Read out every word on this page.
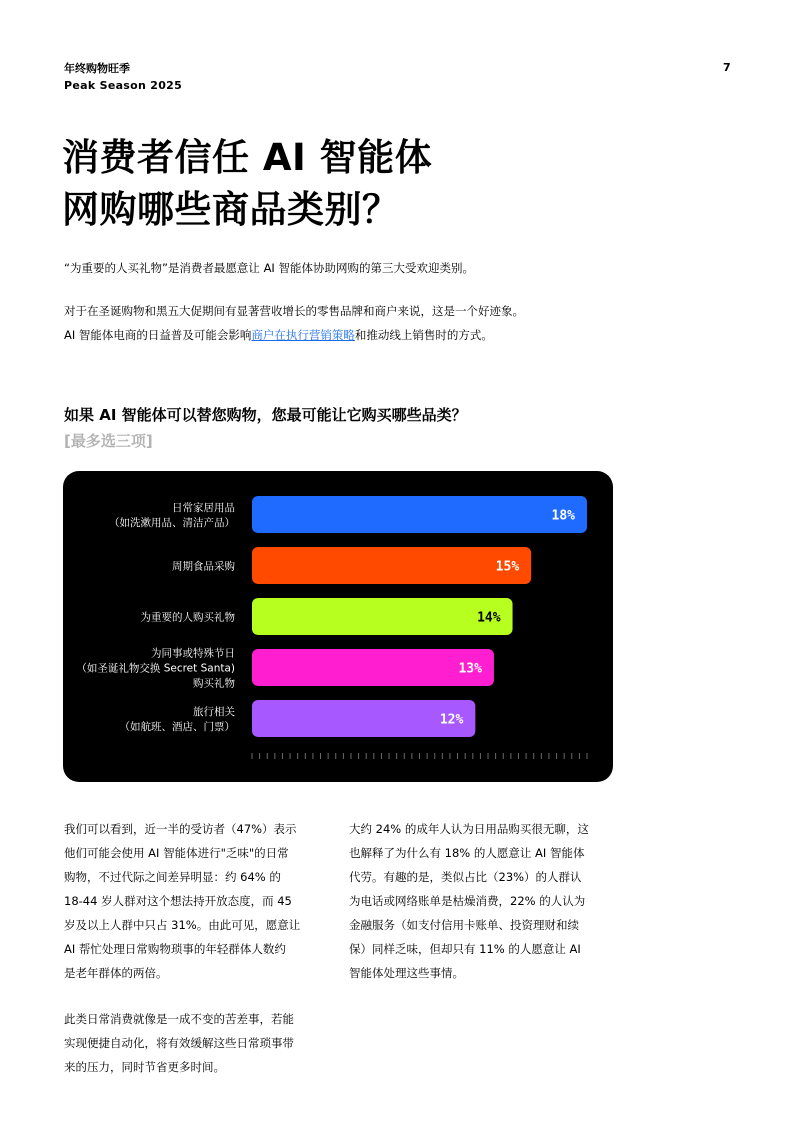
年终购物旺季
Peak Season 2025
7
消费者信任 AI 智能体
网购哪些商品类别？

“为重要的人买礼物”是消费者最愿意让 AI 智能体协助网购的第三大受欢迎类别。

对于在圣诞购物和黑五大促期间有显著营收增长的零售品牌和商户来说，这是一个好迹象。
AI 智能体电商的日益普及可能会影响商户在执行营销策略和推动线上销售时的方式。

如果 AI 智能体可以替您购物，您最可能让它购买哪些品类？
[最多选三项]
18%
日常家居用品（如洗漱用品、清洁产品）
15%
周期食品采购
14%
为重要的人购买礼物
13%
为同事或特殊节日（如圣诞礼物交换 Secret Santa)购买礼物
12%
旅行相关（如航班、酒店、门票）
我们可以看到，近一半的受访者（47%）表示
他们可能会使用 AI 智能体进行"乏味"的日常
购物，不过代际之间差异明显：约 64% 的
18-44 岁人群对这个想法持开放态度，而 45
岁及以上人群中只占 31%。由此可见，愿意让
AI 帮忙处理日常购物琐事的年轻群体人数约
是老年群体的两倍。
此类日常消费就像是一成不变的苦差事，若能
实现便捷自动化，将有效缓解这些日常琐事带
来的压力，同时节省更多时间。
大约 24% 的成年人认为日用品购买很无聊，这
也解释了为什么有 18% 的人愿意让 AI 智能体
代劳。有趣的是，类似占比（23%）的人群认
为电话或网络账单是枯燥消费，22% 的人认为
金融服务（如支付信用卡账单、投资理财和续
保）同样乏味，但却只有 11% 的人愿意让 AI
智能体处理这些事情。
